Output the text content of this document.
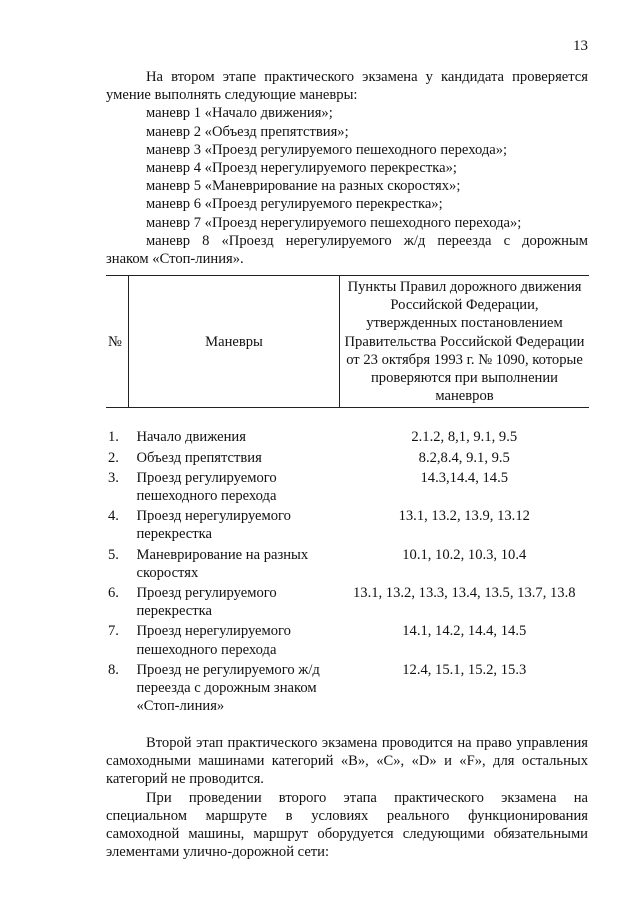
13

На втором этапе практического экзамена у кандидата проверяется умение выполнять следующие маневры:

маневр 1 «Начало движения»;
маневр 2 «Объезд препятствия»;
маневр 3 «Проезд регулируемого пешеходного перехода»;
маневр 4 «Проезд нерегулируемого перекрестка»;
маневр 5 «Маневрирование на разных скоростях»;
маневр 6 «Проезд регулируемого перекрестка»;
маневр 7 «Проезд нерегулируемого пешеходного перехода»;

маневр 8 «Проезд нерегулируемого ж/д переезда с дорожным

знаком «Стоп-линия».

№	Маневры	Пункты Правил дорожного движения Российской Федерации, утвержденных постановлением Правительства Российской Федерации от 23 октября 1993 г. № 1090, которые проверяются при выполнении маневров

1.	Начало движения	2.1.2, 8,1, 9.1, 9.5
2.	Объезд препятствия	8.2,8.4, 9.1, 9.5
3.	Проезд регулируемого пешеходного перехода	14.3,14.4, 14.5
4.	Проезд нерегулируемого перекрестка	13.1, 13.2, 13.9, 13.12
5.	Маневрирование на разных скоростях	10.1, 10.2, 10.3, 10.4
6.	Проезд регулируемого перекрестка	13.1, 13.2, 13.3, 13.4, 13.5, 13.7, 13.8
7.	Проезд нерегулируемого пешеходного перехода	14.1, 14.2, 14.4, 14.5
8.	Проезд не регулируемого ж/д переезда с дорожным знаком «Стоп-линия»	12.4, 15.1, 15.2, 15.3

Второй этап практического экзамена проводится на право управления самоходными машинами категорий «B», «C», «D» и «F», для остальных категорий не проводится.

При проведении второго этапа практического экзамена на специальном маршруте в условиях реального функционирования самоходной машины, маршрут оборудуется следующими обязательными элементами улично-дорожной сети:
